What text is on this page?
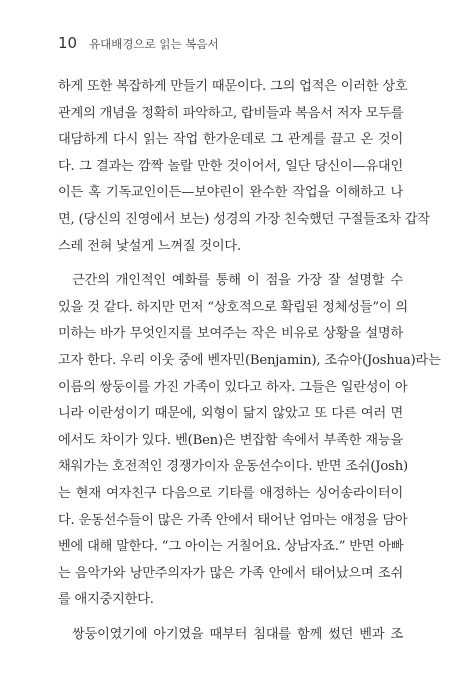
10 유대배경으로 읽는 복음서
하게 또한 복잡하게 만들기 때문이다. 그의 업적은 이러한 상호
관계의 개념을 정확히 파악하고, 랍비들과 복음서 저자 모두를
대담하게 다시 읽는 작업 한가운데로 그 관계를 끌고 온 것이
다. 그 결과는 깜짝 놀랄 만한 것이어서, 일단 당신이—유대인
이든 혹 기독교인이든—보야린이 완수한 작업을 이해하고 나
면, (당신의 진영에서 보는) 성경의 가장 친숙했던 구절들조차 갑작
스레 전혀 낯설게 느껴질 것이다.
근간의 개인적인 예화를 통해 이 점을 가장 잘 설명할 수
있을 것 같다. 하지만 먼저 “상호적으로 확립된 정체성들”이 의
미하는 바가 무엇인지를 보여주는 작은 비유로 상황을 설명하
고자 한다. 우리 이웃 중에 벤자민(Benjamin), 조슈아(Joshua)라는
이름의 쌍둥이를 가진 가족이 있다고 하자. 그들은 일란성이 아
니라 이란성이기 때문에, 외형이 닮지 않았고 또 다른 여러 면
에서도 차이가 있다. 벤(Ben)은 변잡함 속에서 부족한 재능을
채워가는 호전적인 경쟁가이자 운동선수이다. 반면 조쉬(Josh)
는 현재 여자친구 다음으로 기타를 애정하는 싱어송라이터이
다. 운동선수들이 많은 가족 안에서 태어난 엄마는 애정을 담아
벤에 대해 말한다. “그 아이는 거칠어요. 상남자죠.” 반면 아빠
는 음악가와 낭만주의자가 많은 가족 안에서 태어났으며 조쉬
를 애지중지한다.
쌍둥이였기에 아기였을 때부터 침대를 함께 썼던 벤과 조
